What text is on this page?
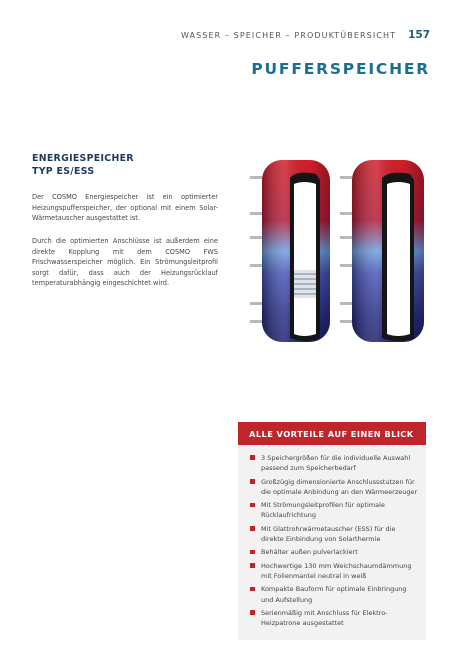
WASSER – SPEICHER – PRODUKTÜBERSICHT 157
PUFFERSPEICHER
ENERGIESPEICHER
TYP ES/ESS

Der COSMO Energiespeicher ist ein optimierter Heizungspufferspeicher, der optional mit einem Solar-Wärmetauscher ausgestattet ist.

Durch die optimierten Anschlüsse ist außerdem eine direkte Kopplung mit dem COSMO FWS Frischwasserspeicher möglich. Ein Strömungsleitprofil sorgt dafür, dass auch der Heizungsrücklauf temperaturabhängig eingeschichtet wird.

ALLE VORTEILE AUF EINEN BLICK
3 Speichergrößen für die individuelle Auswahl passend zum Speicherbedarf
Großzügig dimensionierte Anschlussstutzen für die optimale Anbindung an den Wärmeerzeuger
Mit Strömungsleitprofilen für optimale Rücklaufrichtung
Mit Glattrohrwärmetauscher (ESS) für die direkte Einbindung von Solarthermie
Behälter außen pulverlackiert
Hochwertige 130 mm Weichschaumdämmung mit Folienmantel neutral in weiß
Kompakte Bauform für optimale Einbringung und Aufstellung
Serienmäßig mit Anschluss für Elektro-Heizpatrone ausgestattet
